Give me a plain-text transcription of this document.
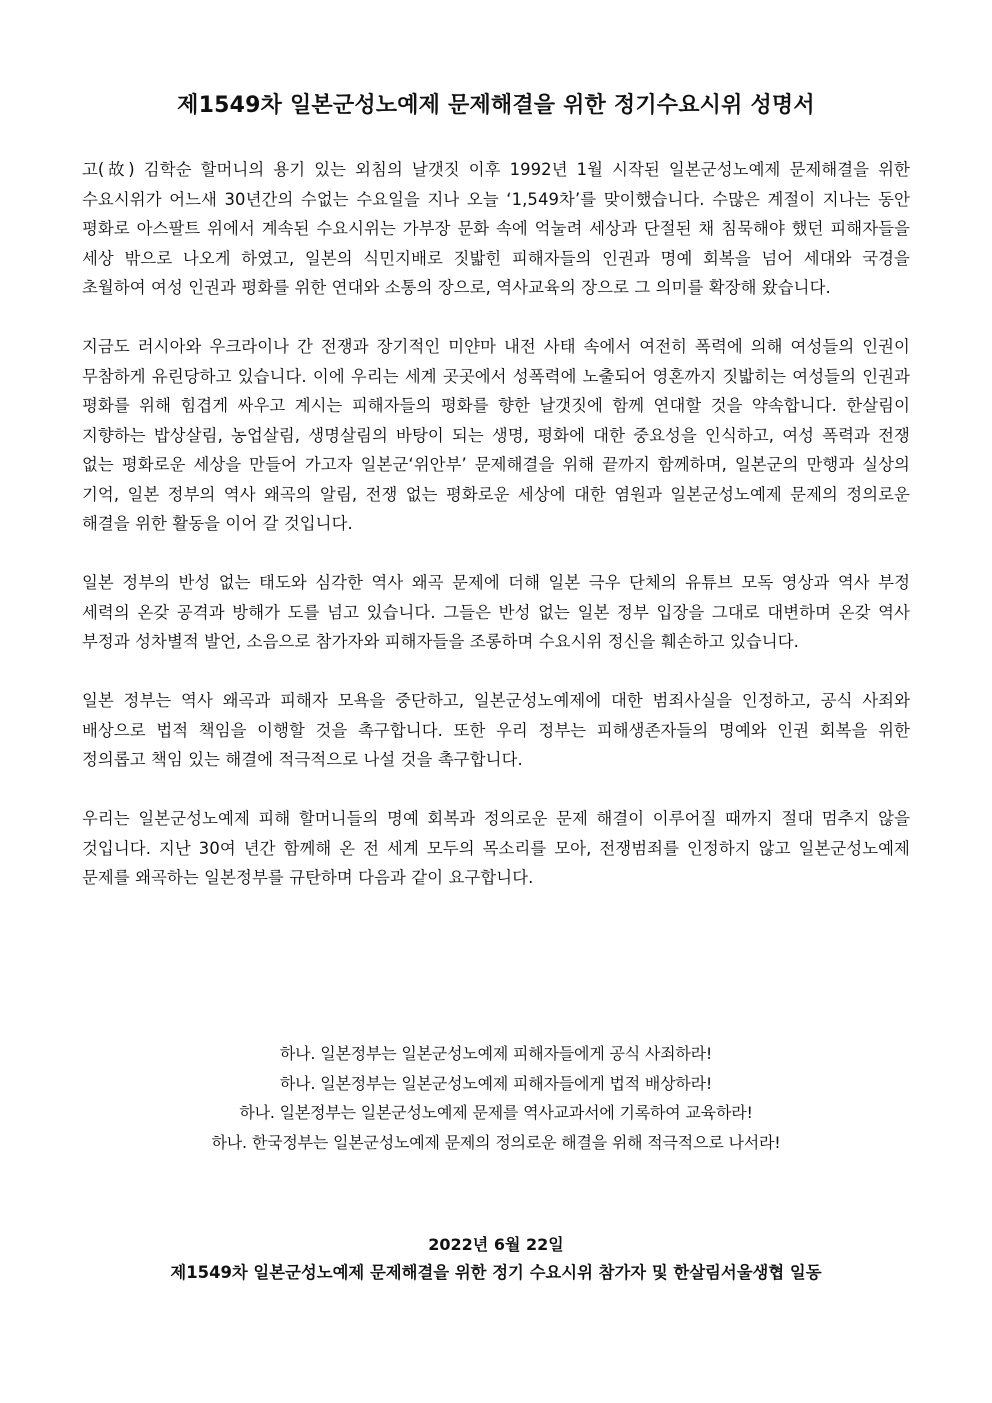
제1549차 일본군성노예제 문제해결을 위한 정기수요시위 성명서

고(故) 김학순 할머니의 용기 있는 외침의 날갯짓 이후 1992년 1월 시작된 일본군성노예제 문제해결을 위한 수요시위가 어느새 30년간의 수없는 수요일을 지나 오늘 ‘1,549차’를 맞이했습니다. 수많은 계절이 지나는 동안 평화로 아스팔트 위에서 계속된 수요시위는 가부장 문화 속에 억눌려 세상과 단절된 채 침묵해야 했던 피해자들을 세상 밖으로 나오게 하였고, 일본의 식민지배로 짓밟힌 피해자들의 인권과 명예 회복을 넘어 세대와 국경을 초월하여 여성 인권과 평화를 위한 연대와 소통의 장으로, 역사교육의 장으로 그 의미를 확장해 왔습니다.

지금도 러시아와 우크라이나 간 전쟁과 장기적인 미얀마 내전 사태 속에서 여전히 폭력에 의해 여성들의 인권이 무참하게 유린당하고 있습니다. 이에 우리는 세계 곳곳에서 성폭력에 노출되어 영혼까지 짓밟히는 여성들의 인권과 평화를 위해 힘겹게 싸우고 계시는 피해자들의 평화를 향한 날갯짓에 함께 연대할 것을 약속합니다. 한살림이 지향하는 밥상살림, 농업살림, 생명살림의 바탕이 되는 생명, 평화에 대한 중요성을 인식하고, 여성 폭력과 전쟁 없는 평화로운 세상을 만들어 가고자 일본군‘위안부’ 문제해결을 위해 끝까지 함께하며, 일본군의 만행과 실상의 기억, 일본 정부의 역사 왜곡의 알림, 전쟁 없는 평화로운 세상에 대한 염원과 일본군성노예제 문제의 정의로운 해결을 위한 활동을 이어 갈 것입니다.

일본 정부의 반성 없는 태도와 심각한 역사 왜곡 문제에 더해 일본 극우 단체의 유튜브 모독 영상과 역사 부정 세력의 온갖 공격과 방해가 도를 넘고 있습니다. 그들은 반성 없는 일본 정부 입장을 그대로 대변하며 온갖 역사 부정과 성차별적 발언, 소음으로 참가자와 피해자들을 조롱하며 수요시위 정신을 훼손하고 있습니다.

일본 정부는 역사 왜곡과 피해자 모욕을 중단하고, 일본군성노예제에 대한 범죄사실을 인정하고, 공식 사죄와 배상으로 법적 책임을 이행할 것을 촉구합니다. 또한 우리 정부는 피해생존자들의 명예와 인권 회복을 위한 정의롭고 책임 있는 해결에 적극적으로 나설 것을 촉구합니다.

우리는 일본군성노예제 피해 할머니들의 명예 회복과 정의로운 문제 해결이 이루어질 때까지 절대 멈추지 않을 것입니다. 지난 30여 년간 함께해 온 전 세계 모두의 목소리를 모아, 전쟁범죄를 인정하지 않고 일본군성노예제 문제를 왜곡하는 일본정부를 규탄하며 다음과 같이 요구합니다.

하나. 일본정부는 일본군성노예제 피해자들에게 공식 사죄하라!
하나. 일본정부는 일본군성노예제 피해자들에게 법적 배상하라!
하나. 일본정부는 일본군성노예제 문제를 역사교과서에 기록하여 교육하라!
하나. 한국정부는 일본군성노예제 문제의 정의로운 해결을 위해 적극적으로 나서라!

2022년 6월 22일

제1549차 일본군성노예제 문제해결을 위한 정기 수요시위 참가자 및 한살림서울생협 일동
